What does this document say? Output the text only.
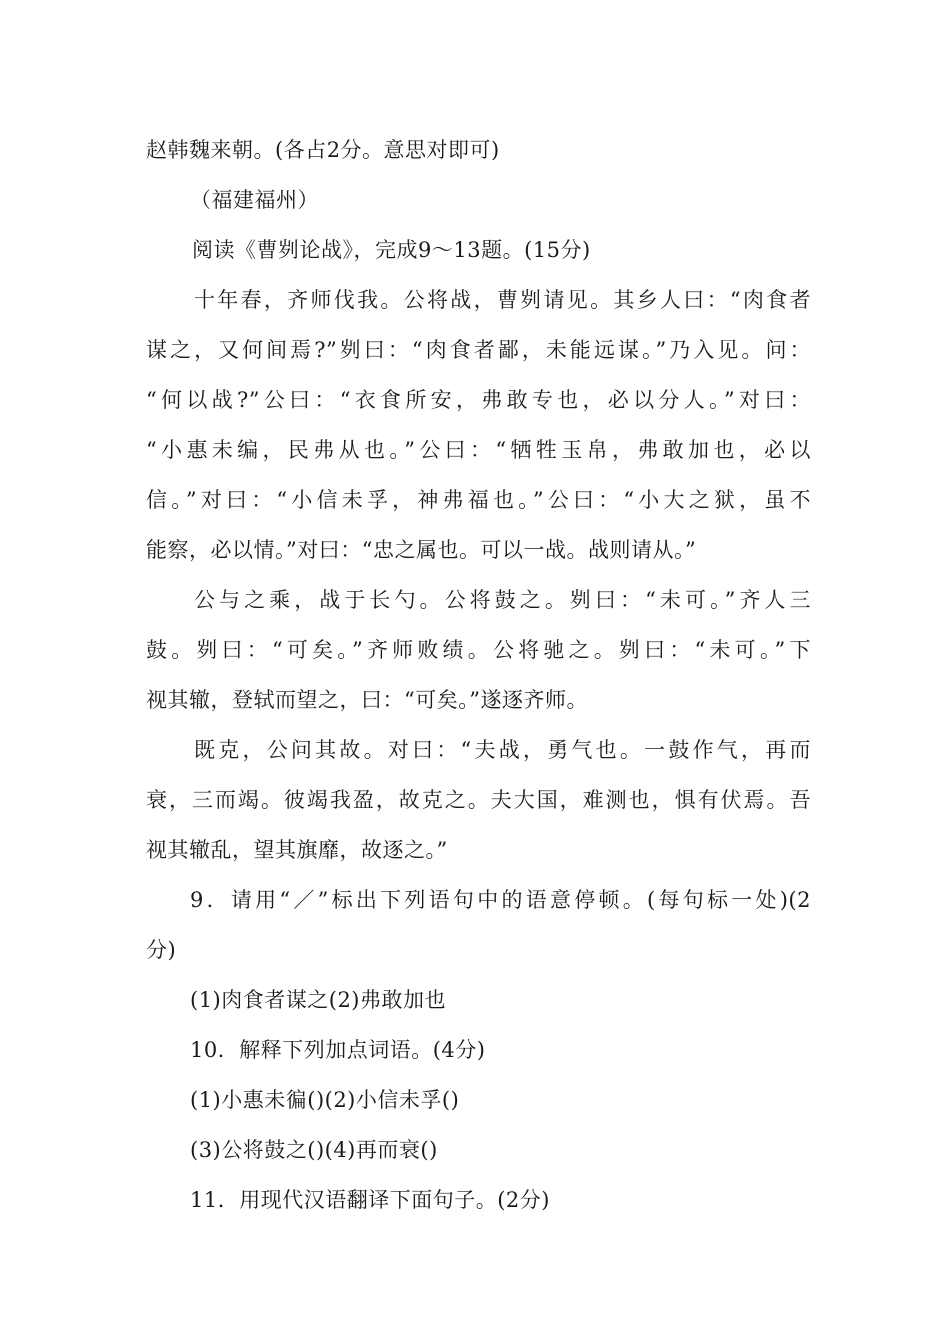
赵韩魏来朝。(各占2分。意思对即可)
（福建福州）
阅读《曹刿论战》，完成9～13题。(15分)
十年春，齐师伐我。公将战，曹刿请见。其乡人曰：“肉食者
谋之，又何间焉?”刿曰：“肉食者鄙，未能远谋。”乃入见。问：
“何以战?”公曰：“衣食所安，弗敢专也，必以分人。”对曰：
“小惠未编，民弗从也。”公曰：“牺牲玉帛，弗敢加也，必以
信。”对曰：“小信未孚，神弗福也。”公曰：“小大之狱，虽不
能察，必以情。”对曰：“忠之属也。可以一战。战则请从。”
公与之乘，战于长勺。公将鼓之。刿曰：“未可。”齐人三
鼓。刿曰：“可矣。”齐师败绩。公将驰之。刿曰：“未可。”下
视其辙，登轼而望之，曰：“可矣。”遂逐齐师。
既克，公问其故。对曰：“夫战，勇气也。一鼓作气，再而
衰，三而竭。彼竭我盈，故克之。夫大国，难测也，惧有伏焉。吾
视其辙乱，望其旗靡，故逐之。”
9．请用“／”标出下列语句中的语意停顿。(每句标一处)(2
分)
(1)肉食者谋之(2)弗敢加也
10．解释下列加点词语。(4分)
(1)小惠未徧()(2)小信未孚()
(3)公将鼓之()(4)再而衰()
11．用现代汉语翻译下面句子。(2分)
